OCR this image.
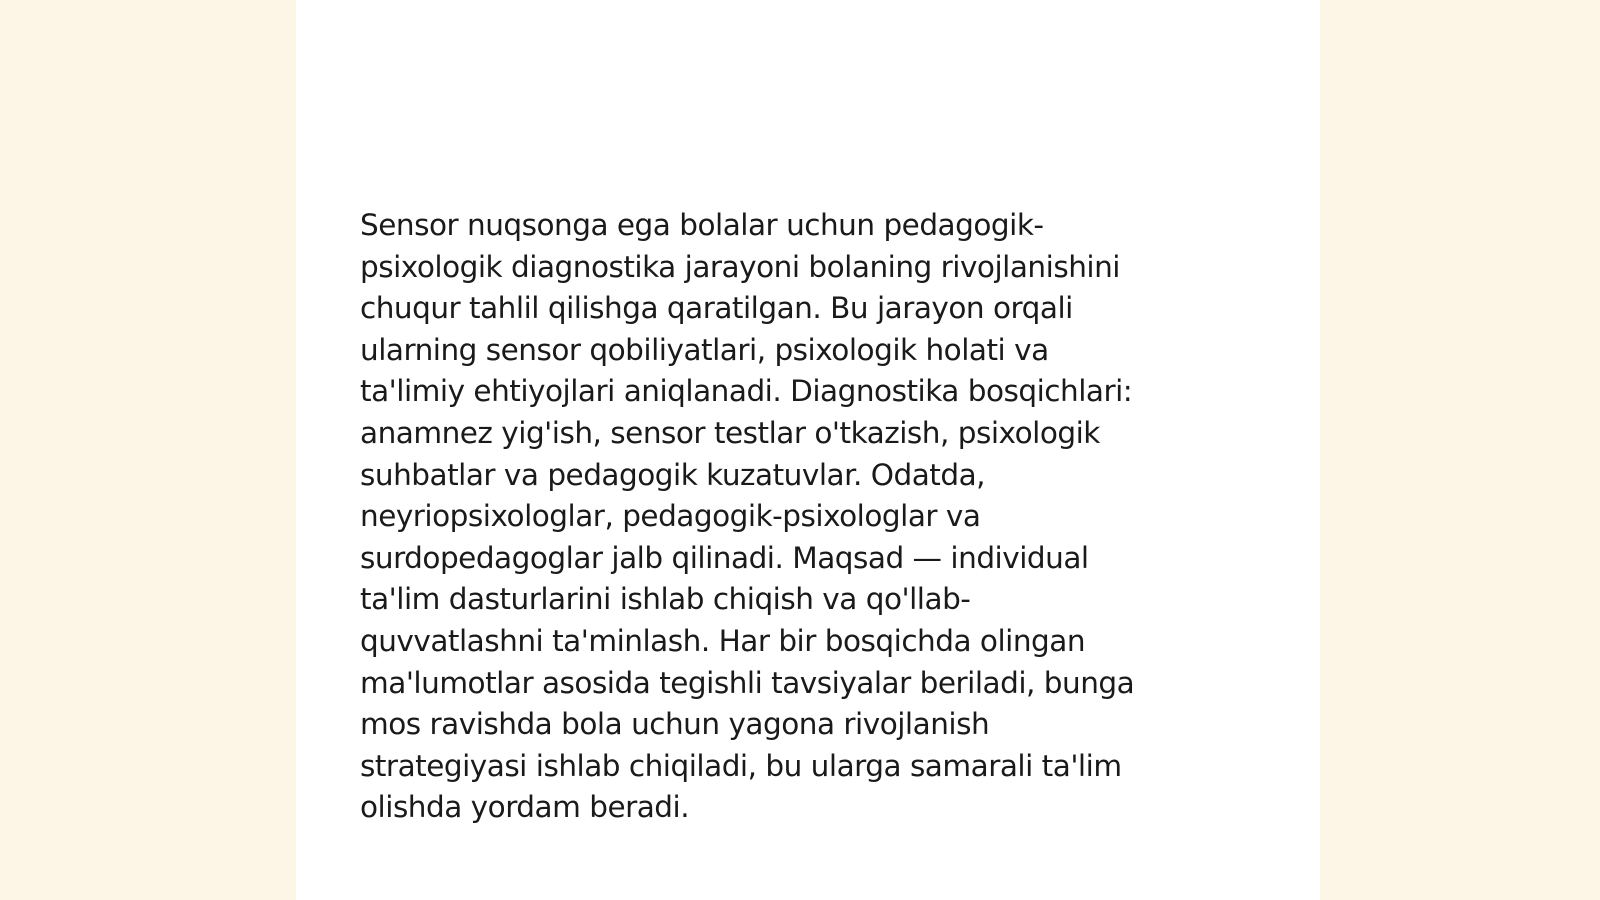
Sensor nuqsonga ega bolalar uchun pedagogik-
psixologik diagnostika jarayoni bolaning rivojlanishini
chuqur tahlil qilishga qaratilgan. Bu jarayon orqali
ularning sensor qobiliyatlari, psixologik holati va
ta'limiy ehtiyojlari aniqlanadi. Diagnostika bosqichlari:
anamnez yig'ish, sensor testlar o'tkazish, psixologik
suhbatlar va pedagogik kuzatuvlar. Odatda,
neyriopsixologlar, pedagogik-psixologlar va
surdopedagoglar jalb qilinadi. Maqsad — individual
ta'lim dasturlarini ishlab chiqish va qo'llab-
quvvatlashni ta'minlash. Har bir bosqichda olingan
ma'lumotlar asosida tegishli tavsiyalar beriladi, bunga
mos ravishda bola uchun yagona rivojlanish
strategiyasi ishlab chiqiladi, bu ularga samarali ta'lim
olishda yordam beradi.
